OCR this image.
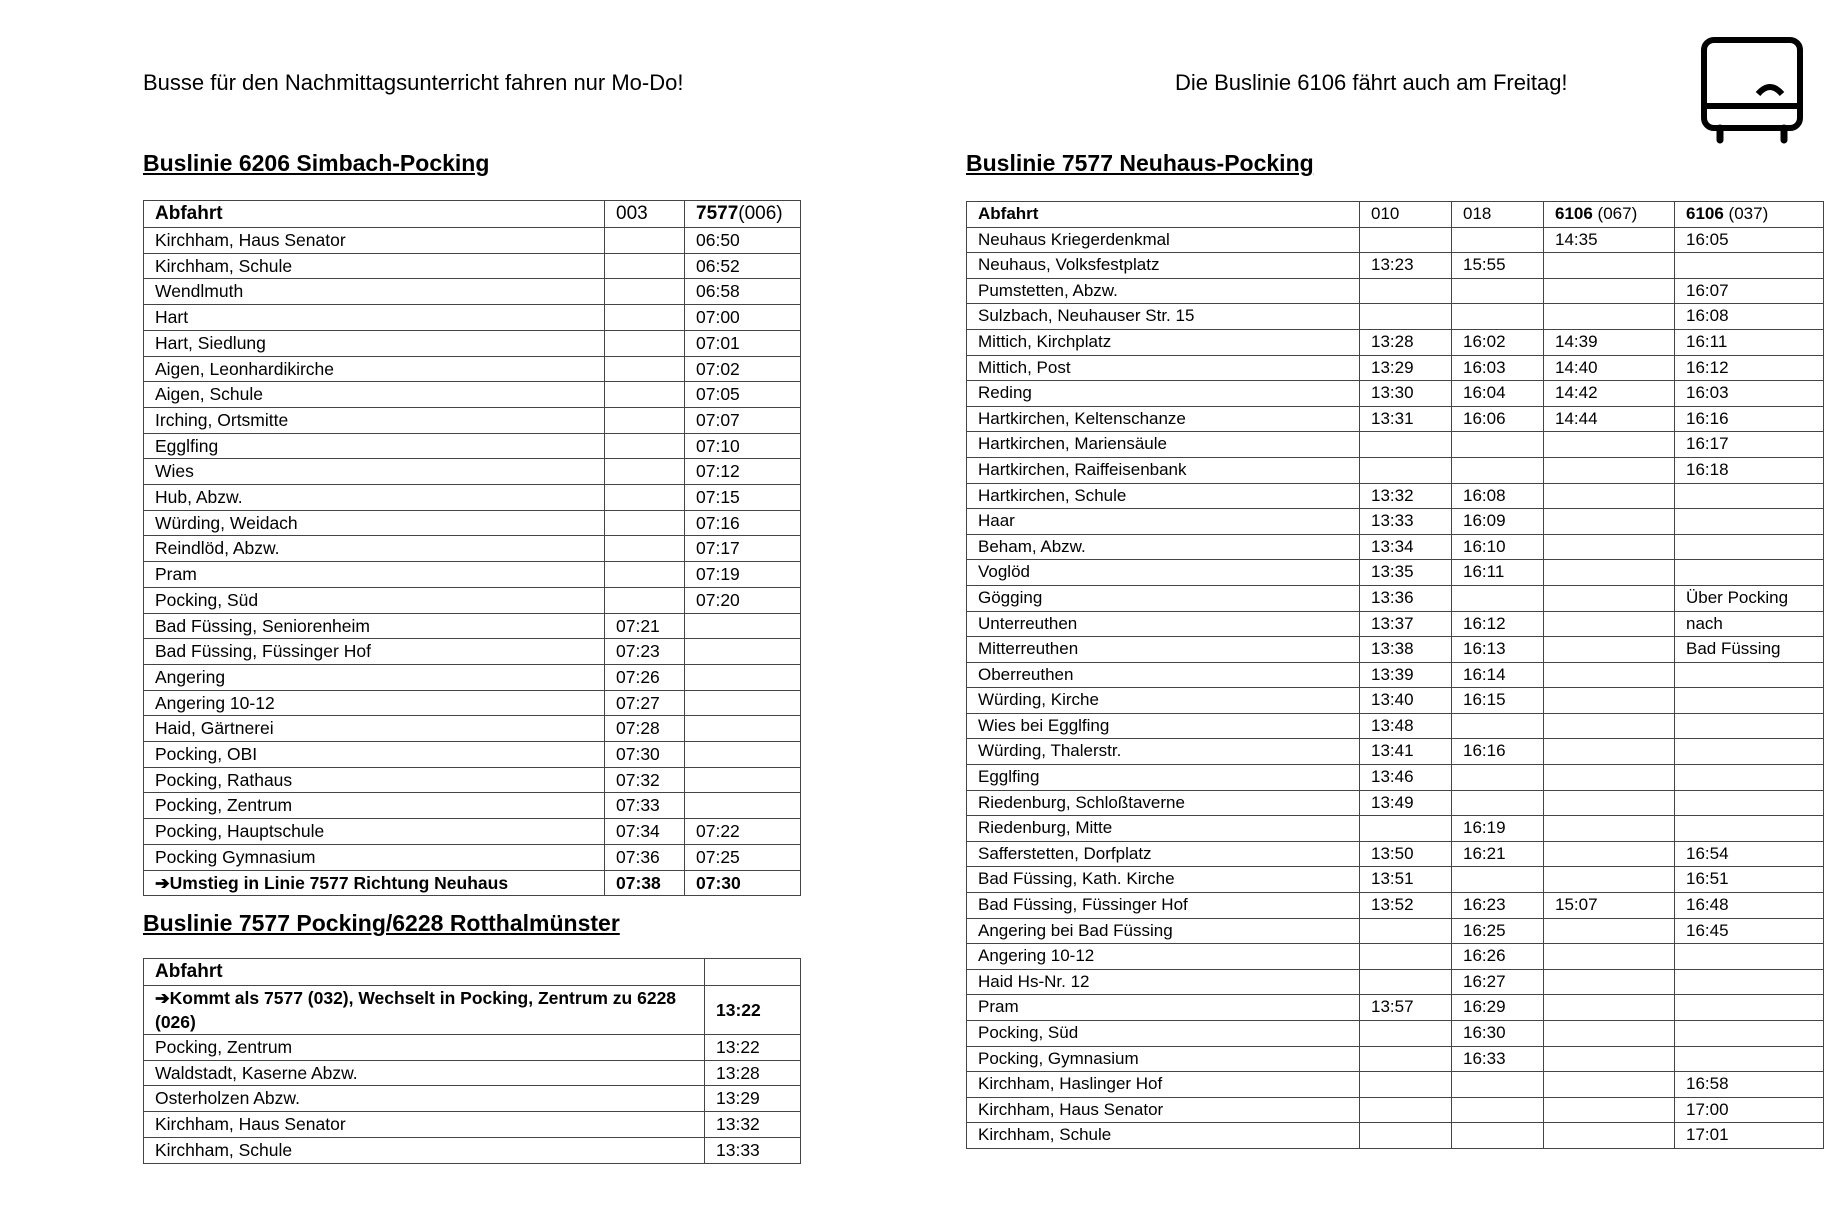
Busse für den Nachmittagsunterricht fahren nur Mo-Do!	Die Buslinie 6106 fährt auch am Freitag!
Buslinie 6206 Simbach-Pocking
Abfahrt	003	7577(006)
Kirchham, Haus Senator		06:50
Kirchham, Schule		06:52
Wendlmuth		06:58
Hart		07:00
Hart, Siedlung		07:01
Aigen, Leonhardikirche		07:02
Aigen, Schule		07:05
Irching, Ortsmitte		07:07
Egglfing		07:10
Wies		07:12
Hub, Abzw.		07:15
Würding, Weidach		07:16
Reindlöd, Abzw.		07:17
Pram		07:19
Pocking, Süd		07:20
Bad Füssing, Seniorenheim	07:21	
Bad Füssing, Füssinger Hof	07:23	
Angering	07:26	
Angering 10-12	07:27	
Haid, Gärtnerei	07:28	
Pocking, OBI	07:30	
Pocking, Rathaus	07:32	
Pocking, Zentrum	07:33	
Pocking, Hauptschule	07:34	07:22
Pocking Gymnasium	07:36	07:25
➔Umstieg in Linie 7577 Richtung Neuhaus	07:38	07:30
Buslinie 7577 Pocking/6228 Rotthalmünster
Abfahrt	
➔Kommt als 7577 (032), Wechselt in Pocking, Zentrum zu 6228 (026)	13:22
Pocking, Zentrum	13:22
Waldstadt, Kaserne Abzw.	13:28
Osterholzen Abzw.	13:29
Kirchham, Haus Senator	13:32
Kirchham, Schule	13:33
Buslinie 7577 Neuhaus-Pocking
Abfahrt	010	018	6106 (067)	6106 (037)
Neuhaus Kriegerdenkmal			14:35	16:05
Neuhaus, Volksfestplatz	13:23	15:55		
Pumstetten, Abzw.				16:07
Sulzbach, Neuhauser Str. 15				16:08
Mittich, Kirchplatz	13:28	16:02	14:39	16:11
Mittich, Post	13:29	16:03	14:40	16:12
Reding	13:30	16:04	14:42	16:03
Hartkirchen, Keltenschanze	13:31	16:06	14:44	16:16
Hartkirchen, Mariensäule				16:17
Hartkirchen, Raiffeisenbank				16:18
Hartkirchen, Schule	13:32	16:08		
Haar	13:33	16:09		
Beham, Abzw.	13:34	16:10		
Voglöd	13:35	16:11		
Gögging	13:36			Über Pocking
Unterreuthen	13:37	16:12		nach
Mitterreuthen	13:38	16:13		Bad Füssing
Oberreuthen	13:39	16:14		
Würding, Kirche	13:40	16:15		
Wies bei Egglfing	13:48			
Würding, Thalerstr.	13:41	16:16		
Egglfing	13:46			
Riedenburg, Schloßtaverne	13:49			
Riedenburg, Mitte		16:19		
Safferstetten, Dorfplatz	13:50	16:21		16:54
Bad Füssing, Kath. Kirche	13:51			16:51
Bad Füssing, Füssinger Hof	13:52	16:23	15:07	16:48
Angering bei Bad Füssing		16:25		16:45
Angering 10-12		16:26		
Haid Hs-Nr. 12		16:27		
Pram	13:57	16:29		
Pocking, Süd		16:30		
Pocking, Gymnasium		16:33		
Kirchham, Haslinger Hof				16:58
Kirchham, Haus Senator				17:00
Kirchham, Schule				17:01
